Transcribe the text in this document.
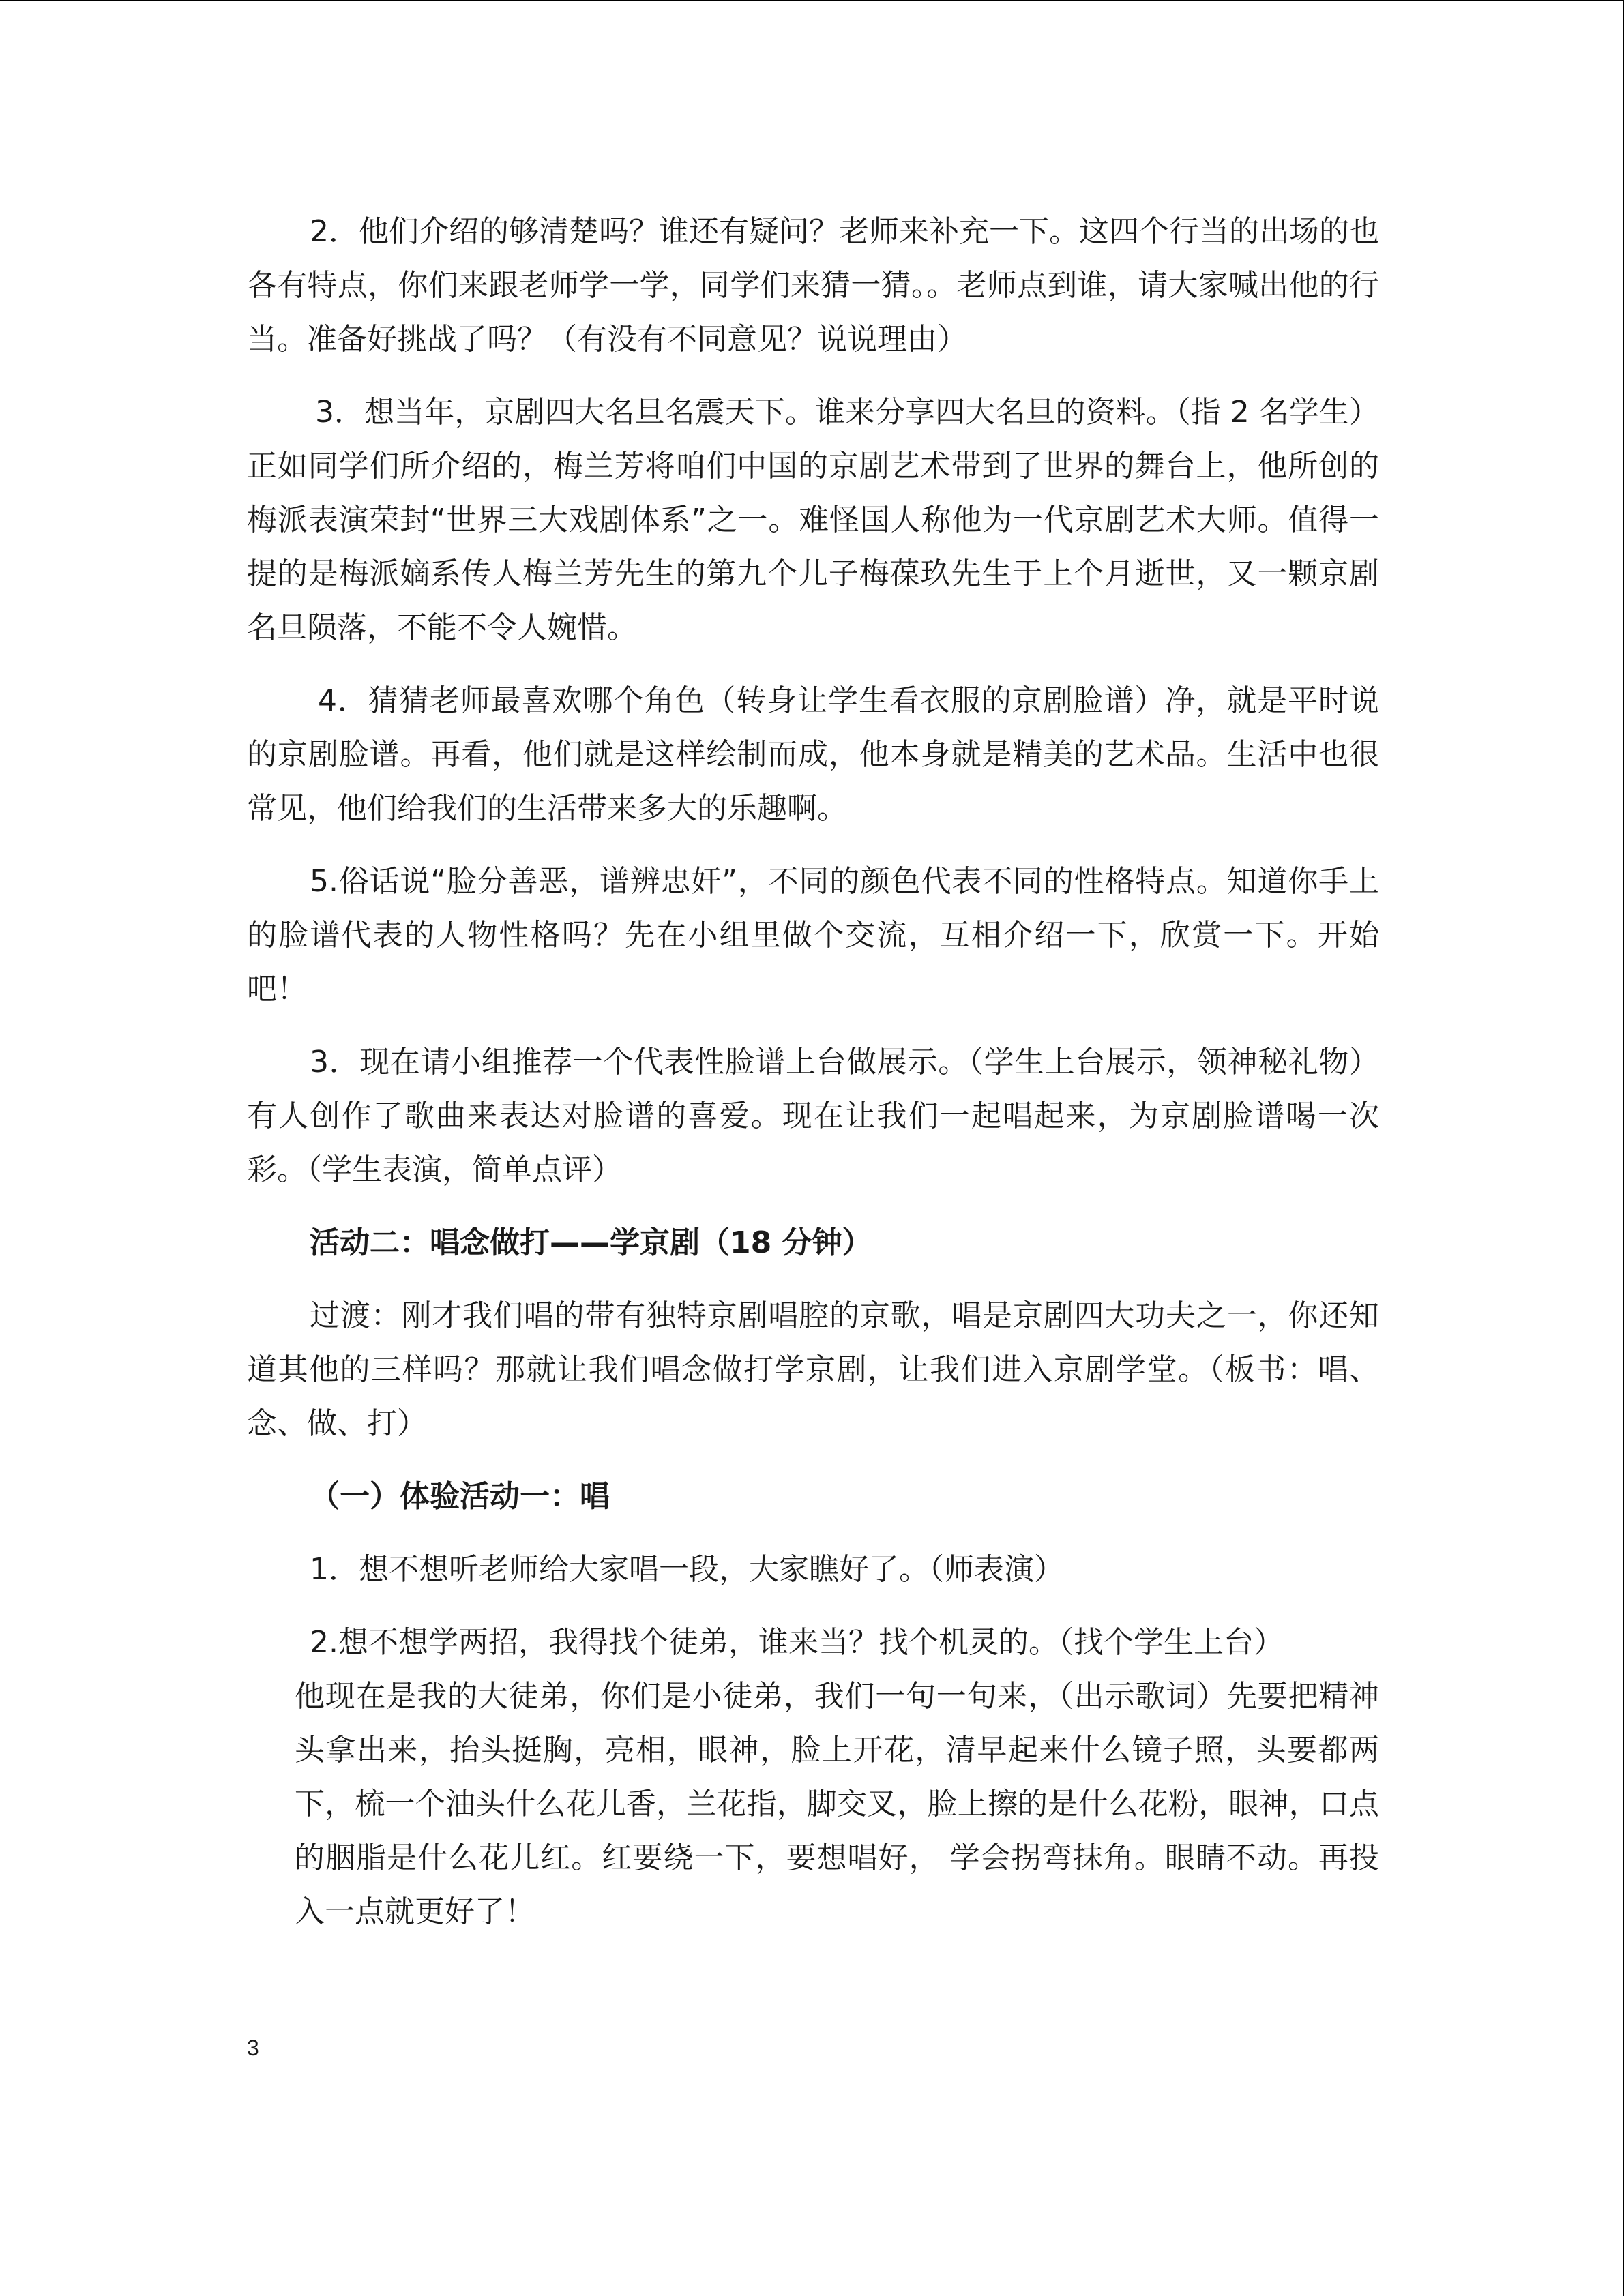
2．他们介绍的够清楚吗？谁还有疑问？老师来补充一下。这四个行当的出场的也各有特点，你们来跟老师学一学，同学们来猜一猜。。老师点到谁，请大家喊出他的行当。准备好挑战了吗？（有没有不同意见？说说理由）

3．想当年，京剧四大名旦名震天下。谁来分享四大名旦的资料。（指 2 名学生）正如同学们所介绍的，梅兰芳将咱们中国的京剧艺术带到了世界的舞台上，他所创的梅派表演荣封“世界三大戏剧体系”之一。难怪国人称他为一代京剧艺术大师。值得一提的是梅派嫡系传人梅兰芳先生的第九个儿子梅葆玖先生于上个月逝世，又一颗京剧名旦陨落，不能不令人婉惜。

4．猜猜老师最喜欢哪个角色（转身让学生看衣服的京剧脸谱）净，就是平时说的京剧脸谱。再看，他们就是这样绘制而成，他本身就是精美的艺术品。生活中也很常见，他们给我们的生活带来多大的乐趣啊。

5.俗话说“脸分善恶，谱辨忠奸”，不同的颜色代表不同的性格特点。知道你手上的脸谱代表的人物性格吗？先在小组里做个交流，互相介绍一下，欣赏一下。开始吧！

3．现在请小组推荐一个代表性脸谱上台做展示。（学生上台展示，领神秘礼物）有人创作了歌曲来表达对脸谱的喜爱。现在让我们一起唱起来，为京剧脸谱喝一次彩。（学生表演，简单点评）

活动二：唱念做打——学京剧（18 分钟）

过渡：刚才我们唱的带有独特京剧唱腔的京歌，唱是京剧四大功夫之一，你还知道其他的三样吗？那就让我们唱念做打学京剧，让我们进入京剧学堂。（板书：唱、念、做、打）

（一）体验活动一：唱

1．想不想听老师给大家唱一段，大家瞧好了。（师表演）

2.想不想学两招，我得找个徒弟，谁来当？找个机灵的。（找个学生上台）

他现在是我的大徒弟，你们是小徒弟，我们一句一句来，（出示歌词）先要把精神头拿出来，抬头挺胸，亮相，眼神，脸上开花，清早起来什么镜子照，头要都两下，梳一个油头什么花儿香，兰花指，脚交叉，脸上擦的是什么花粉，眼神，口点的胭脂是什么花儿红。红要绕一下，要想唱好， 学会拐弯抹角。眼睛不动。再投入一点就更好了！

3
